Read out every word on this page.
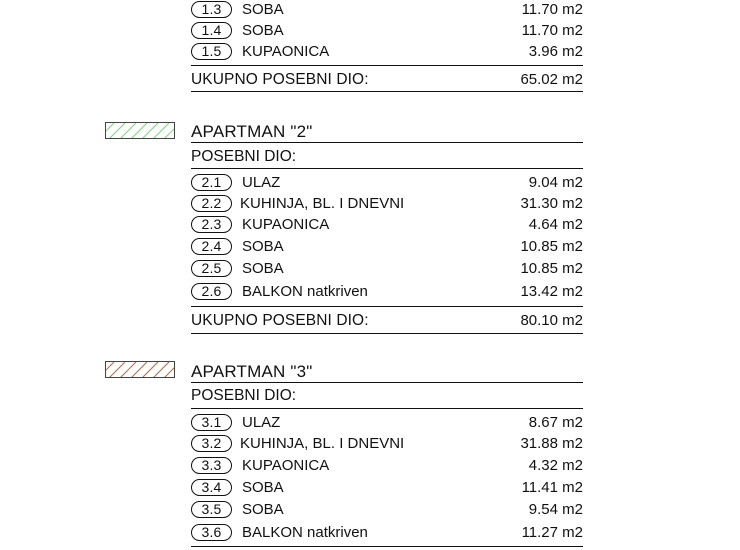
1.3	SOBA	11.70 m2
1.4	SOBA	11.70 m2
1.5	KUPAONICA	3.96 m2
UKUPNO POSEBNI DIO:	65.02 m2
APARTMAN "2"
POSEBNI DIO:
2.1	ULAZ	9.04 m2
2.2	KUHINJA, BL. I DNEVNI	31.30 m2
2.3	KUPAONICA	4.64 m2
2.4	SOBA	10.85 m2
2.5	SOBA	10.85 m2
2.6	BALKON natkriven	13.42 m2
UKUPNO POSEBNI DIO:	80.10 m2
APARTMAN "3"
POSEBNI DIO:
3.1	ULAZ	8.67 m2
3.2	KUHINJA, BL. I DNEVNI	31.88 m2
3.3	KUPAONICA	4.32 m2
3.4	SOBA	11.41 m2
3.5	SOBA	9.54 m2
3.6	BALKON natkriven	11.27 m2
